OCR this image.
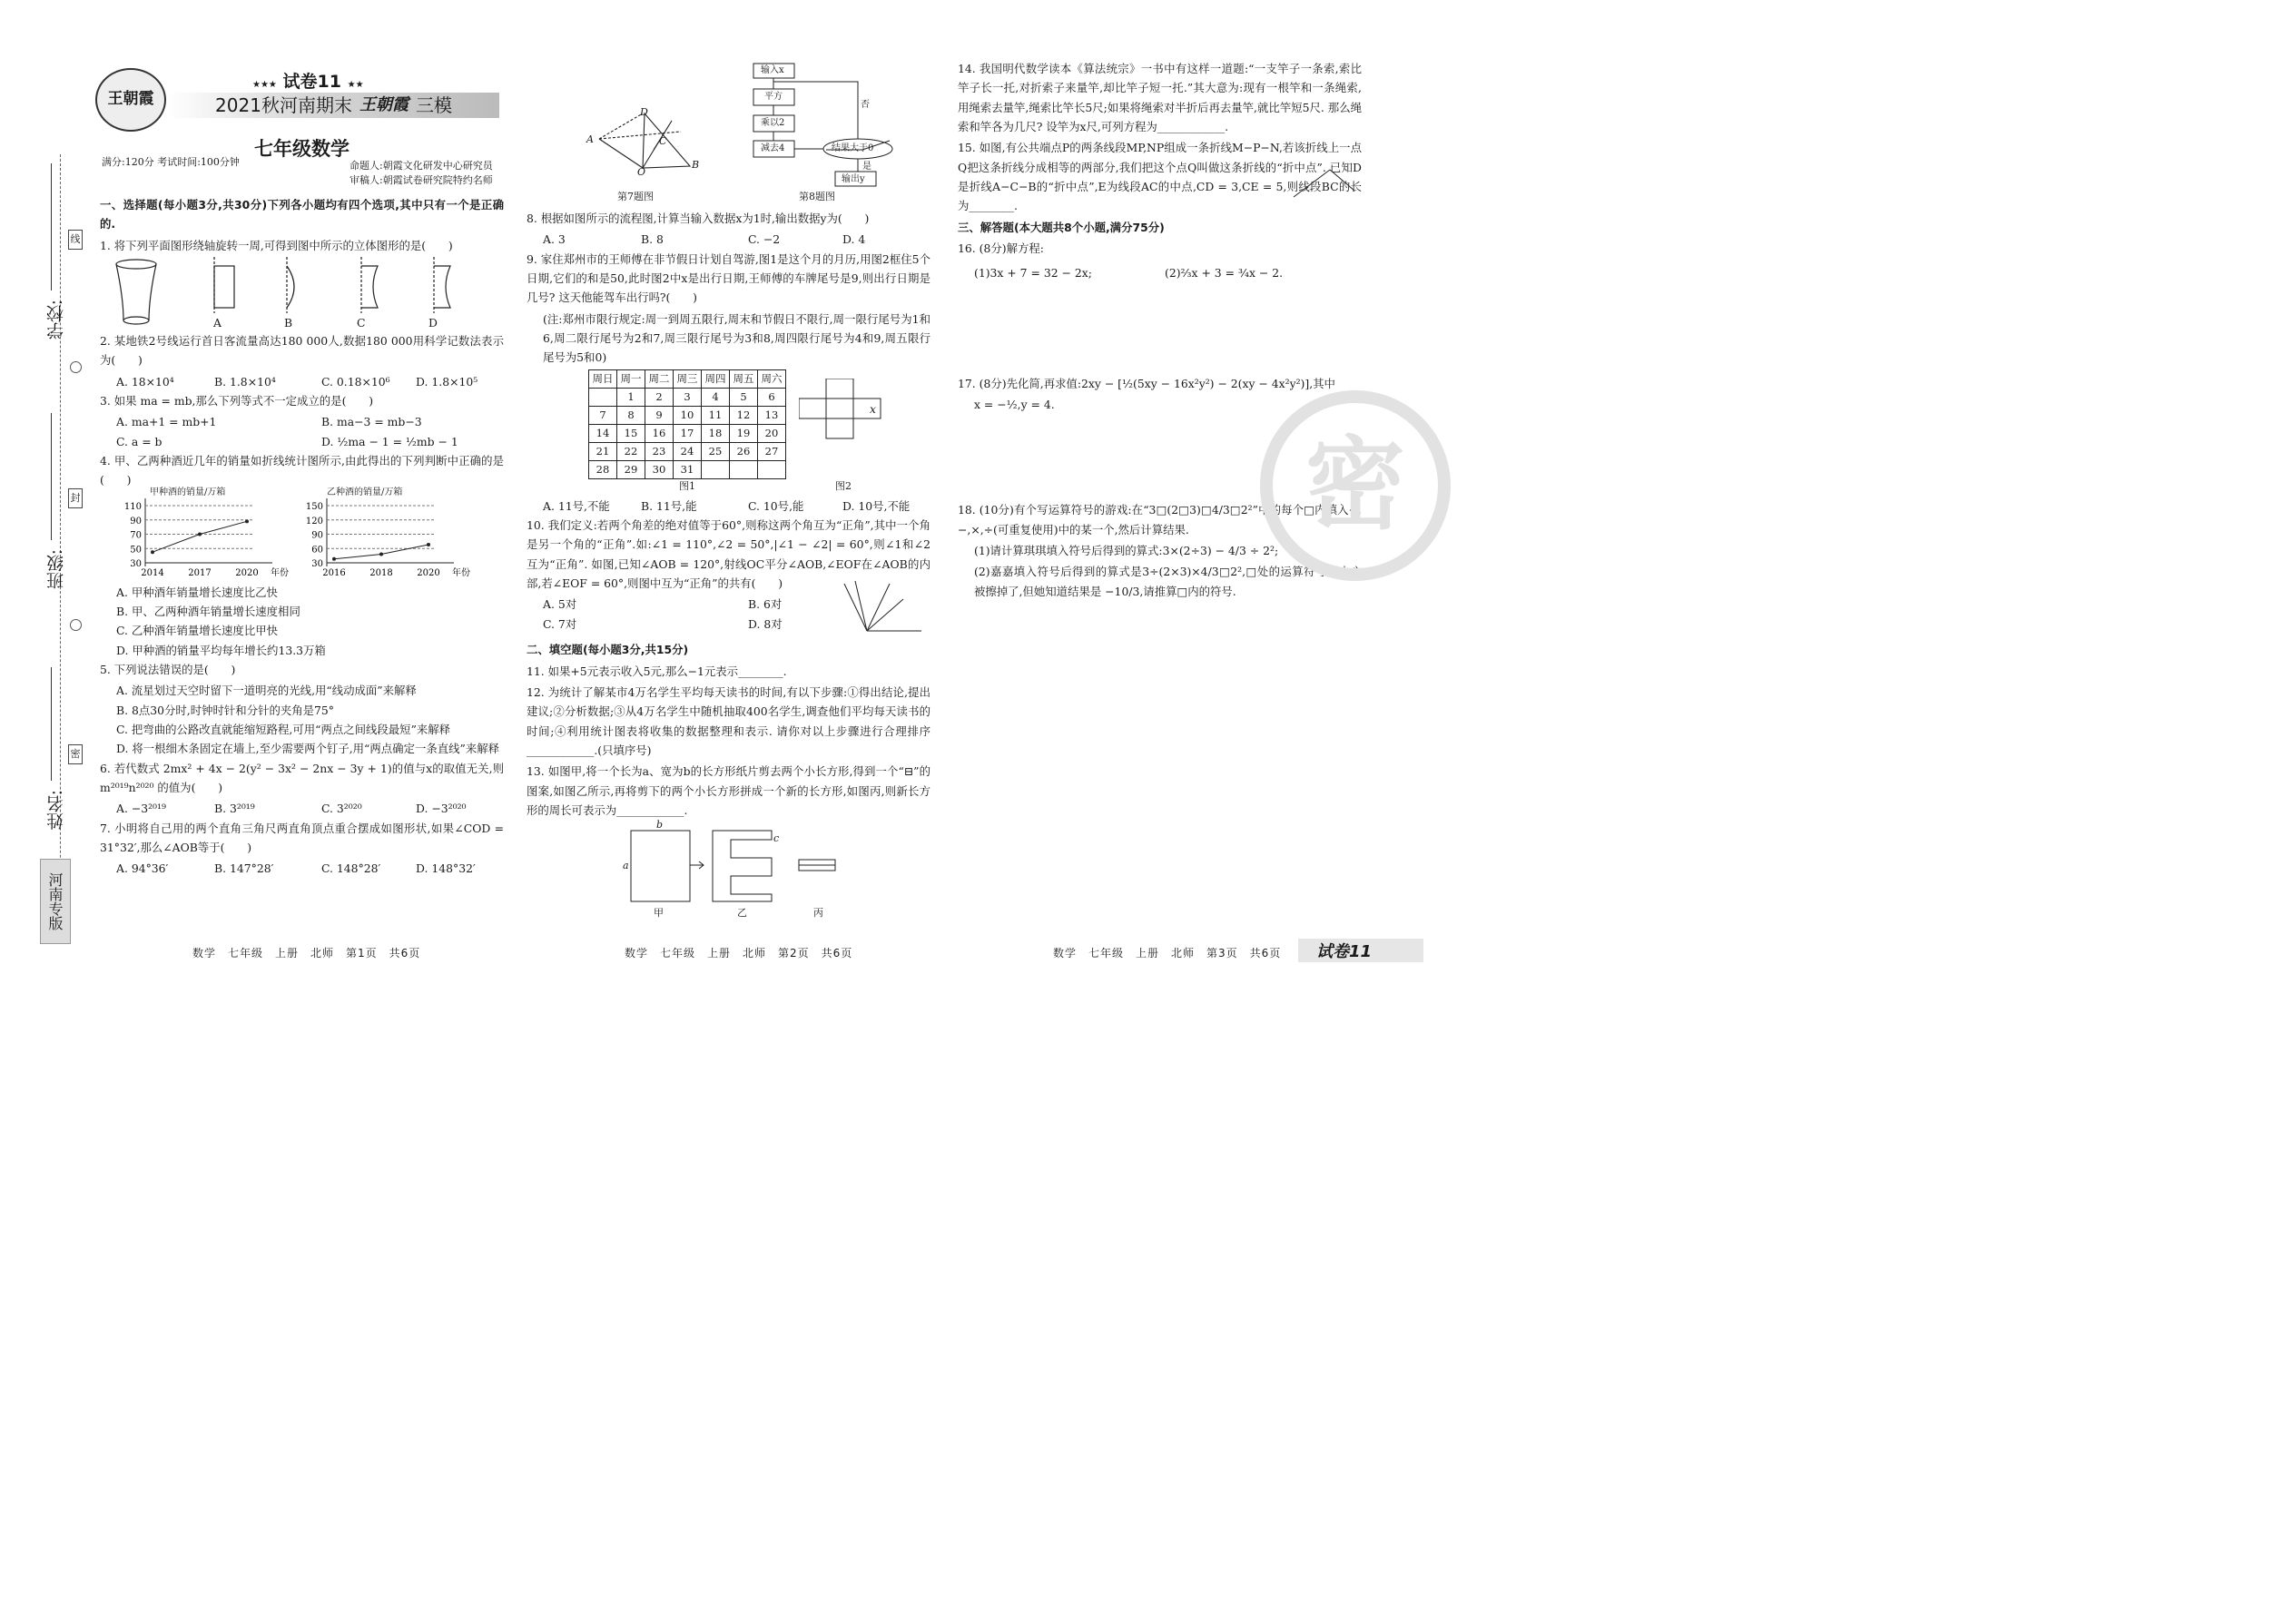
线
封
密
学校:
班级:
姓名:
河南专版
王朝霞
★★★ 试卷11 ★★
2021秋河南期末 王朝霞 三模
七年级数学
满分:120分 考试时间:100分钟	命题人:朝霞文化研发中心研究员
审稿人:朝霞试卷研究院特约名师
一、选择题(每小题3分,共30分)下列各小题均有四个选项,其中只有一个是正确的.
1. 将下列平面图形绕轴旋转一周,可得到图中所示的立体图形的是(　　)
A	B	C	D
2. 某地铁2号线运行首日客流量高达180 000人,数据180 000用科学记数法表示为(　　)
A. 18×10⁴	B. 1.8×10⁴	C. 0.18×10⁶	D. 1.8×10⁵
3. 如果 ma = mb,那么下列等式不一定成立的是(　　)
A. ma+1 = mb+1	B. ma−3 = mb−3
C. a = b	D. ½ma − 1 = ½mb − 1
4. 甲、乙两种酒近几年的销量如折线统计图所示,由此得出的下列判断中正确的是(　　)
30
50
70
90
110
2014	2017	2020 年份
30
60
90
120
150
2016	2018	2020 年份
甲种酒的销量/万箱	乙种酒的销量/万箱
A. 甲种酒年销量增长速度比乙快
B. 甲、乙两种酒年销量增长速度相同
C. 乙种酒年销量增长速度比甲快
D. 甲种酒的销量平均每年增长约13.3万箱
5. 下列说法错误的是(　　)
A. 流星划过天空时留下一道明亮的光线,用“线动成面”来解释
B. 8点30分时,时钟时针和分针的夹角是75°
C. 把弯曲的公路改直就能缩短路程,可用“两点之间线段最短”来解释
D. 将一根细木条固定在墙上,至少需要两个钉子,用“两点确定一条直线”来解释
6. 若代数式 2mx² + 4x − 2(y² − 3x² − 2nx − 3y + 1)的值与x的取值无关,则 m²⁰¹⁹n²⁰²⁰ 的值为(　　)
A. −3²⁰¹⁹	B. 3²⁰¹⁹	C. 3²⁰²⁰	D. −3²⁰²⁰
7. 小明将自己用的两个直角三角尺两直角顶点重合摆成如图形状,如果∠COD = 31°32′,那么∠AOB等于(　　)
A. 94°36′	B. 147°28′	C. 148°28′	D. 148°32′
D
A	C
O
B
第7题图
输入x
平方
乘以2
减去4	结果大于0
输出y
是
否
第8题图
8. 根据如图所示的流程图,计算当输入数据x为1时,输出数据y为(　　)
A. 3	B. 8	C. −2	D. 4
9. 家住郑州市的王师傅在非节假日计划自驾游,图1是这个月的月历,用图2框住5个日期,它们的和是50,此时图2中x是出行日期,王师傅的车牌尾号是9,则出行日期是几号? 这天他能驾车出行吗?(　　)
(注:郑州市限行规定:周一到周五限行,周末和节假日不限行,周一限行尾号为1和6,周二限行尾号为2和7,周三限行尾号为3和8,周四限行尾号为4和9,周五限行尾号为5和0)
周日	周一	周二	周三	周四	周五	周六
	1	2	3	4	5	6
7	8	9	10	11	12	13
14	15	16	17	18	19	20
21	22	23	24	25	26	27
28	29	30	31			
x
图1	图2
A. 11号,不能	B. 11号,能	C. 10号,能	D. 10号,不能
10. 我们定义:若两个角差的绝对值等于60°,则称这两个角互为“正角”,其中一个角是另一个角的“正角”.如:∠1 = 110°,∠2 = 50°,|∠1 − ∠2| = 60°,则∠1和∠2互为“正角”. 如图,已知∠AOB = 120°,射线OC平分∠AOB,∠EOF在∠AOB的内部,若∠EOF = 60°,则图中互为“正角”的共有(　　)
A. 5对	B. 6对
C. 7对	D. 8对
二、填空题(每小题3分,共15分)
11. 如果+5元表示收入5元,那么−1元表示________.
12. 为统计了解某市4万名学生平均每天读书的时间,有以下步骤:①得出结论,提出建议;②分析数据;③从4万名学生中随机抽取400名学生,调查他们平均每天读书的时间;④利用统计图表将收集的数据整理和表示. 请你对以上步骤进行合理排序____________.(只填序号)
13. 如图甲,将一个长为a、宽为b的长方形纸片剪去两个小长方形,得到一个“⊟”的图案,如图乙所示,再将剪下的两个小长方形拼成一个新的长方形,如图丙,则新长方形的周长可表示为____________.
a
b
c
甲	乙	丙
14. 我国明代数学读本《算法统宗》一书中有这样一道题:“一支竿子一条索,索比竿子长一托,对折索子来量竿,却比竿子短一托.”其大意为:现有一根竿和一条绳索,用绳索去量竿,绳索比竿长5尺;如果将绳索对半折后再去量竿,就比竿短5尺. 那么绳索和竿各为几尺? 设竿为x尺,可列方程为____________.
15. 如图,有公共端点P的两条线段MP,NP组成一条折线M−P−N,若该折线上一点Q把这条折线分成相等的两部分,我们把这个点Q叫做这条折线的“折中点”. 已知D是折线A−C−B的“折中点”,E为线段AC的中点,CD = 3,CE = 5,则线段BC的长为________.
三、解答题(本大题共8个小题,满分75分)
16. (8分)解方程:
(1)3x + 7 = 32 − 2x;	(2)⅔x + 3 = ¾x − 2.
17. (8分)先化简,再求值:2xy − [½(5xy − 16x²y²) − 2(xy − 4x²y²)],其中
x = −½,y = 4.
18. (10分)有个写运算符号的游戏:在“3□(2□3)□4/3□2²”中的每个□内填入+,−,×,÷(可重复使用)中的某一个,然后计算结果.
(1)请计算琪琪填入符号后得到的算式:3×(2÷3) − 4/3 ÷ 2²;
(2)嘉嘉填入符号后得到的算式是3÷(2×3)×4/3□2²,□处的运算符号不小心被擦掉了,但她知道结果是 −10/3,请推算□内的符号.
密
数学　七年级　上册　北师　第1页　共6页	数学　七年级　上册　北师　第2页　共6页	数学　七年级　上册　北师　第3页　共6页	试卷11
